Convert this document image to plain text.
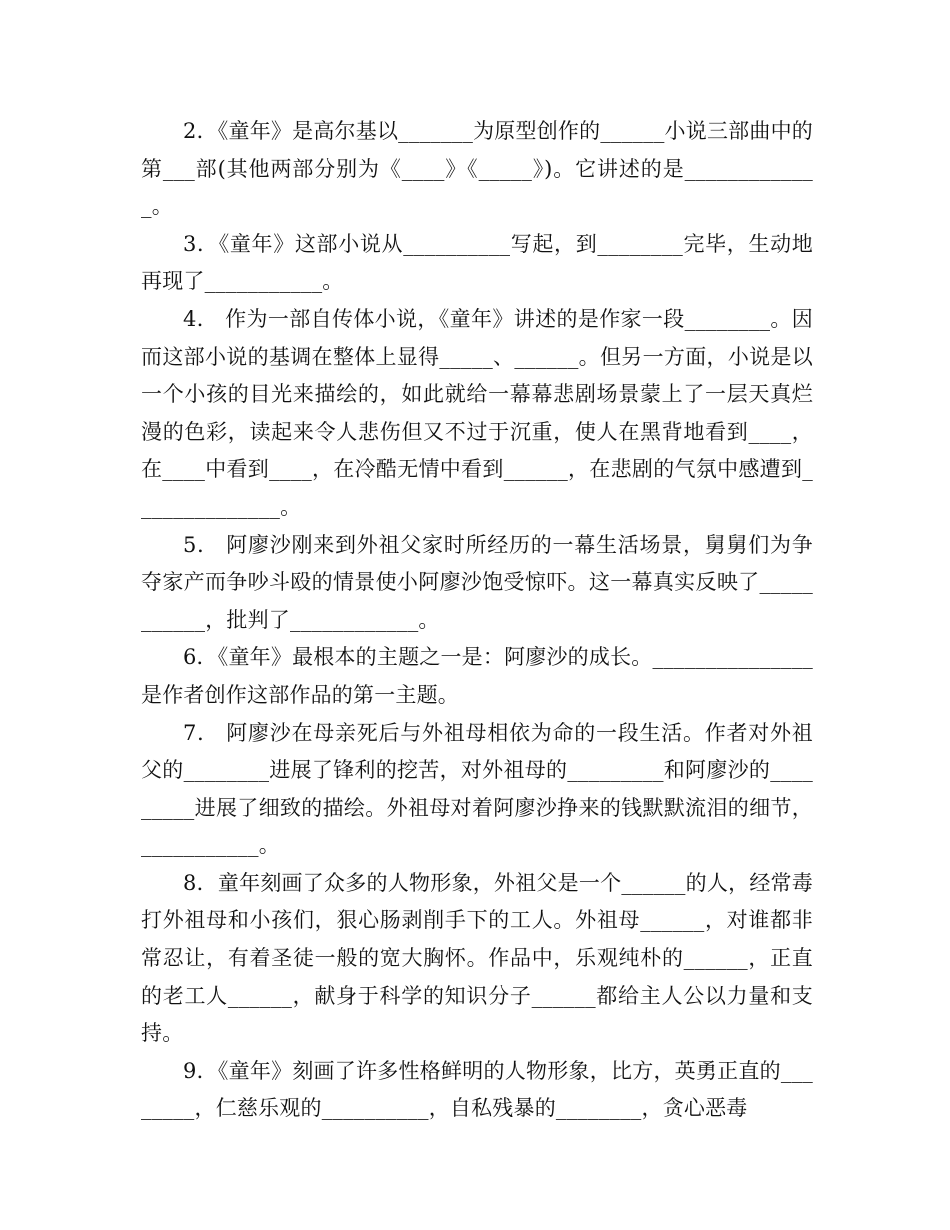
2．《童年》是高尔基以_______为原型创作的______小说三部曲中的第___部(其他两部分别为《____》《_____》)。它讲述的是_____________。

3．《童年》这部小说从__________写起，到________完毕，生动地再现了___________。

4． 作为一部自传体小说，《童年》讲述的是作家一段________。因而这部小说的基调在整体上显得_____、______。但另一方面，小说是以一个小孩的目光来描绘的，如此就给一幕幕悲剧场景蒙上了一层天真烂漫的色彩，读起来令人悲伤但又不过于沉重，使人在黑背地看到____，在____中看到____，在冷酷无情中看到______，在悲剧的气氛中感遭到______________。

5． 阿廖沙刚来到外祖父家时所经历的一幕生活场景，舅舅们为争夺家产而争吵斗殴的情景使小阿廖沙饱受惊吓。这一幕真实反映了___________，批判了____________。

6．《童年》最根本的主题之一是：阿廖沙的成长。_______________是作者创作这部作品的第一主题。

7． 阿廖沙在母亲死后与外祖母相依为命的一段生活。作者对外祖父的________进展了锋利的挖苦，对外祖母的_________和阿廖沙的_________进展了细致的描绘。外祖母对着阿廖沙挣来的钱默默流泪的细节，___________。

8．童年刻画了众多的人物形象，外祖父是一个______的人，经常毒打外祖母和小孩们，狠心肠剥削手下的工人。外祖母______，对谁都非常忍让，有着圣徒一般的宽大胸怀。作品中，乐观纯朴的______，正直的老工人______，献身于科学的知识分子______都给主人公以力量和支持。

9．《童年》刻画了许多性格鲜明的人物形象，比方，英勇正直的________，仁慈乐观的__________，自私残暴的________，贪心恶毒
